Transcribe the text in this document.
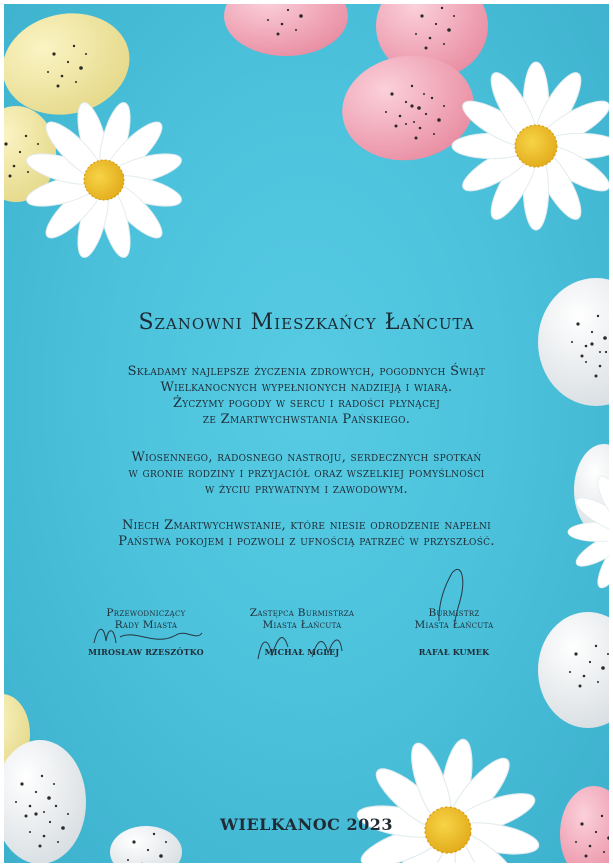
Szanowni Mieszkańcy Łańcuta
Składamy najlepsze życzenia zdrowych, pogodnych Świąt
Wielkanocnych wypełnionych nadzieją i wiarą.
Życzymy pogody w sercu i radości płynącej
ze Zmartwychwstania Pańskiego.
Wiosennego, radosnego nastroju, serdecznych spotkań
w gronie rodziny i przyjaciół oraz wszelkiej pomyślności
w życiu prywatnym i zawodowym.
Niech Zmartwychwstanie, które niesie odrodzenie napełni
Państwa pokojem i pozwoli z ufnością patrzeć w przyszłość.
Przewodniczący
Rady Miasta
MIROSŁAW RZESZÓTKO
Zastępca Burmistrza
Miasta Łańcuta
MICHAŁ MGLEJ
Burmistrz
Miasta Łańcuta
RAFAŁ KUMEK
WIELKANOC 2023
